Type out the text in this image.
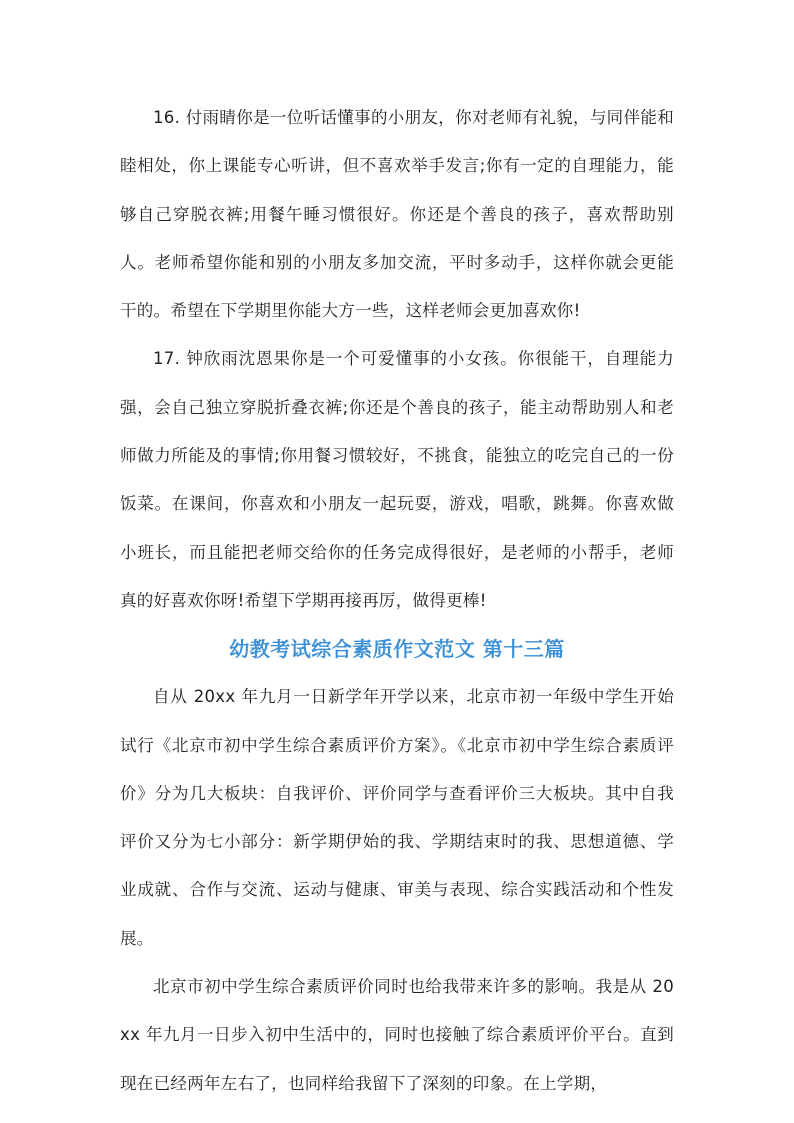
16. 付雨睛你是一位听话懂事的小朋友，你对老师有礼貌，与同伴能和睦相处，你上课能专心听讲，但不喜欢举手发言;你有一定的自理能力，能够自己穿脱衣裤;用餐午睡习惯很好。你还是个善良的孩子，喜欢帮助别人。老师希望你能和别的小朋友多加交流，平时多动手，这样你就会更能干的。希望在下学期里你能大方一些，这样老师会更加喜欢你!

17. 钟欣雨沈恩果你是一个可爱懂事的小女孩。你很能干，自理能力强，会自己独立穿脱折叠衣裤;你还是个善良的孩子，能主动帮助别人和老师做力所能及的事情;你用餐习惯较好，不挑食，能独立的吃完自己的一份饭菜。在课间，你喜欢和小朋友一起玩耍，游戏，唱歌，跳舞。你喜欢做小班长，而且能把老师交给你的任务完成得很好，是老师的小帮手，老师真的好喜欢你呀!希望下学期再接再厉，做得更棒!

幼教考试综合素质作文范文 第十三篇

自从 20xx 年九月一日新学年开学以来，北京市初一年级中学生开始试行《北京市初中学生综合素质评价方案》。《北京市初中学生综合素质评价》分为几大板块：自我评价、评价同学与查看评价三大板块。其中自我评价又分为七小部分：新学期伊始的我、学期结束时的我、思想道德、学业成就、合作与交流、运动与健康、审美与表现、综合实践活动和个性发展。

北京市初中学生综合素质评价同时也给我带来许多的影响。我是从 20xx 年九月一日步入初中生活中的，同时也接触了综合素质评价平台。直到现在已经两年左右了，也同样给我留下了深刻的印象。在上学期，
